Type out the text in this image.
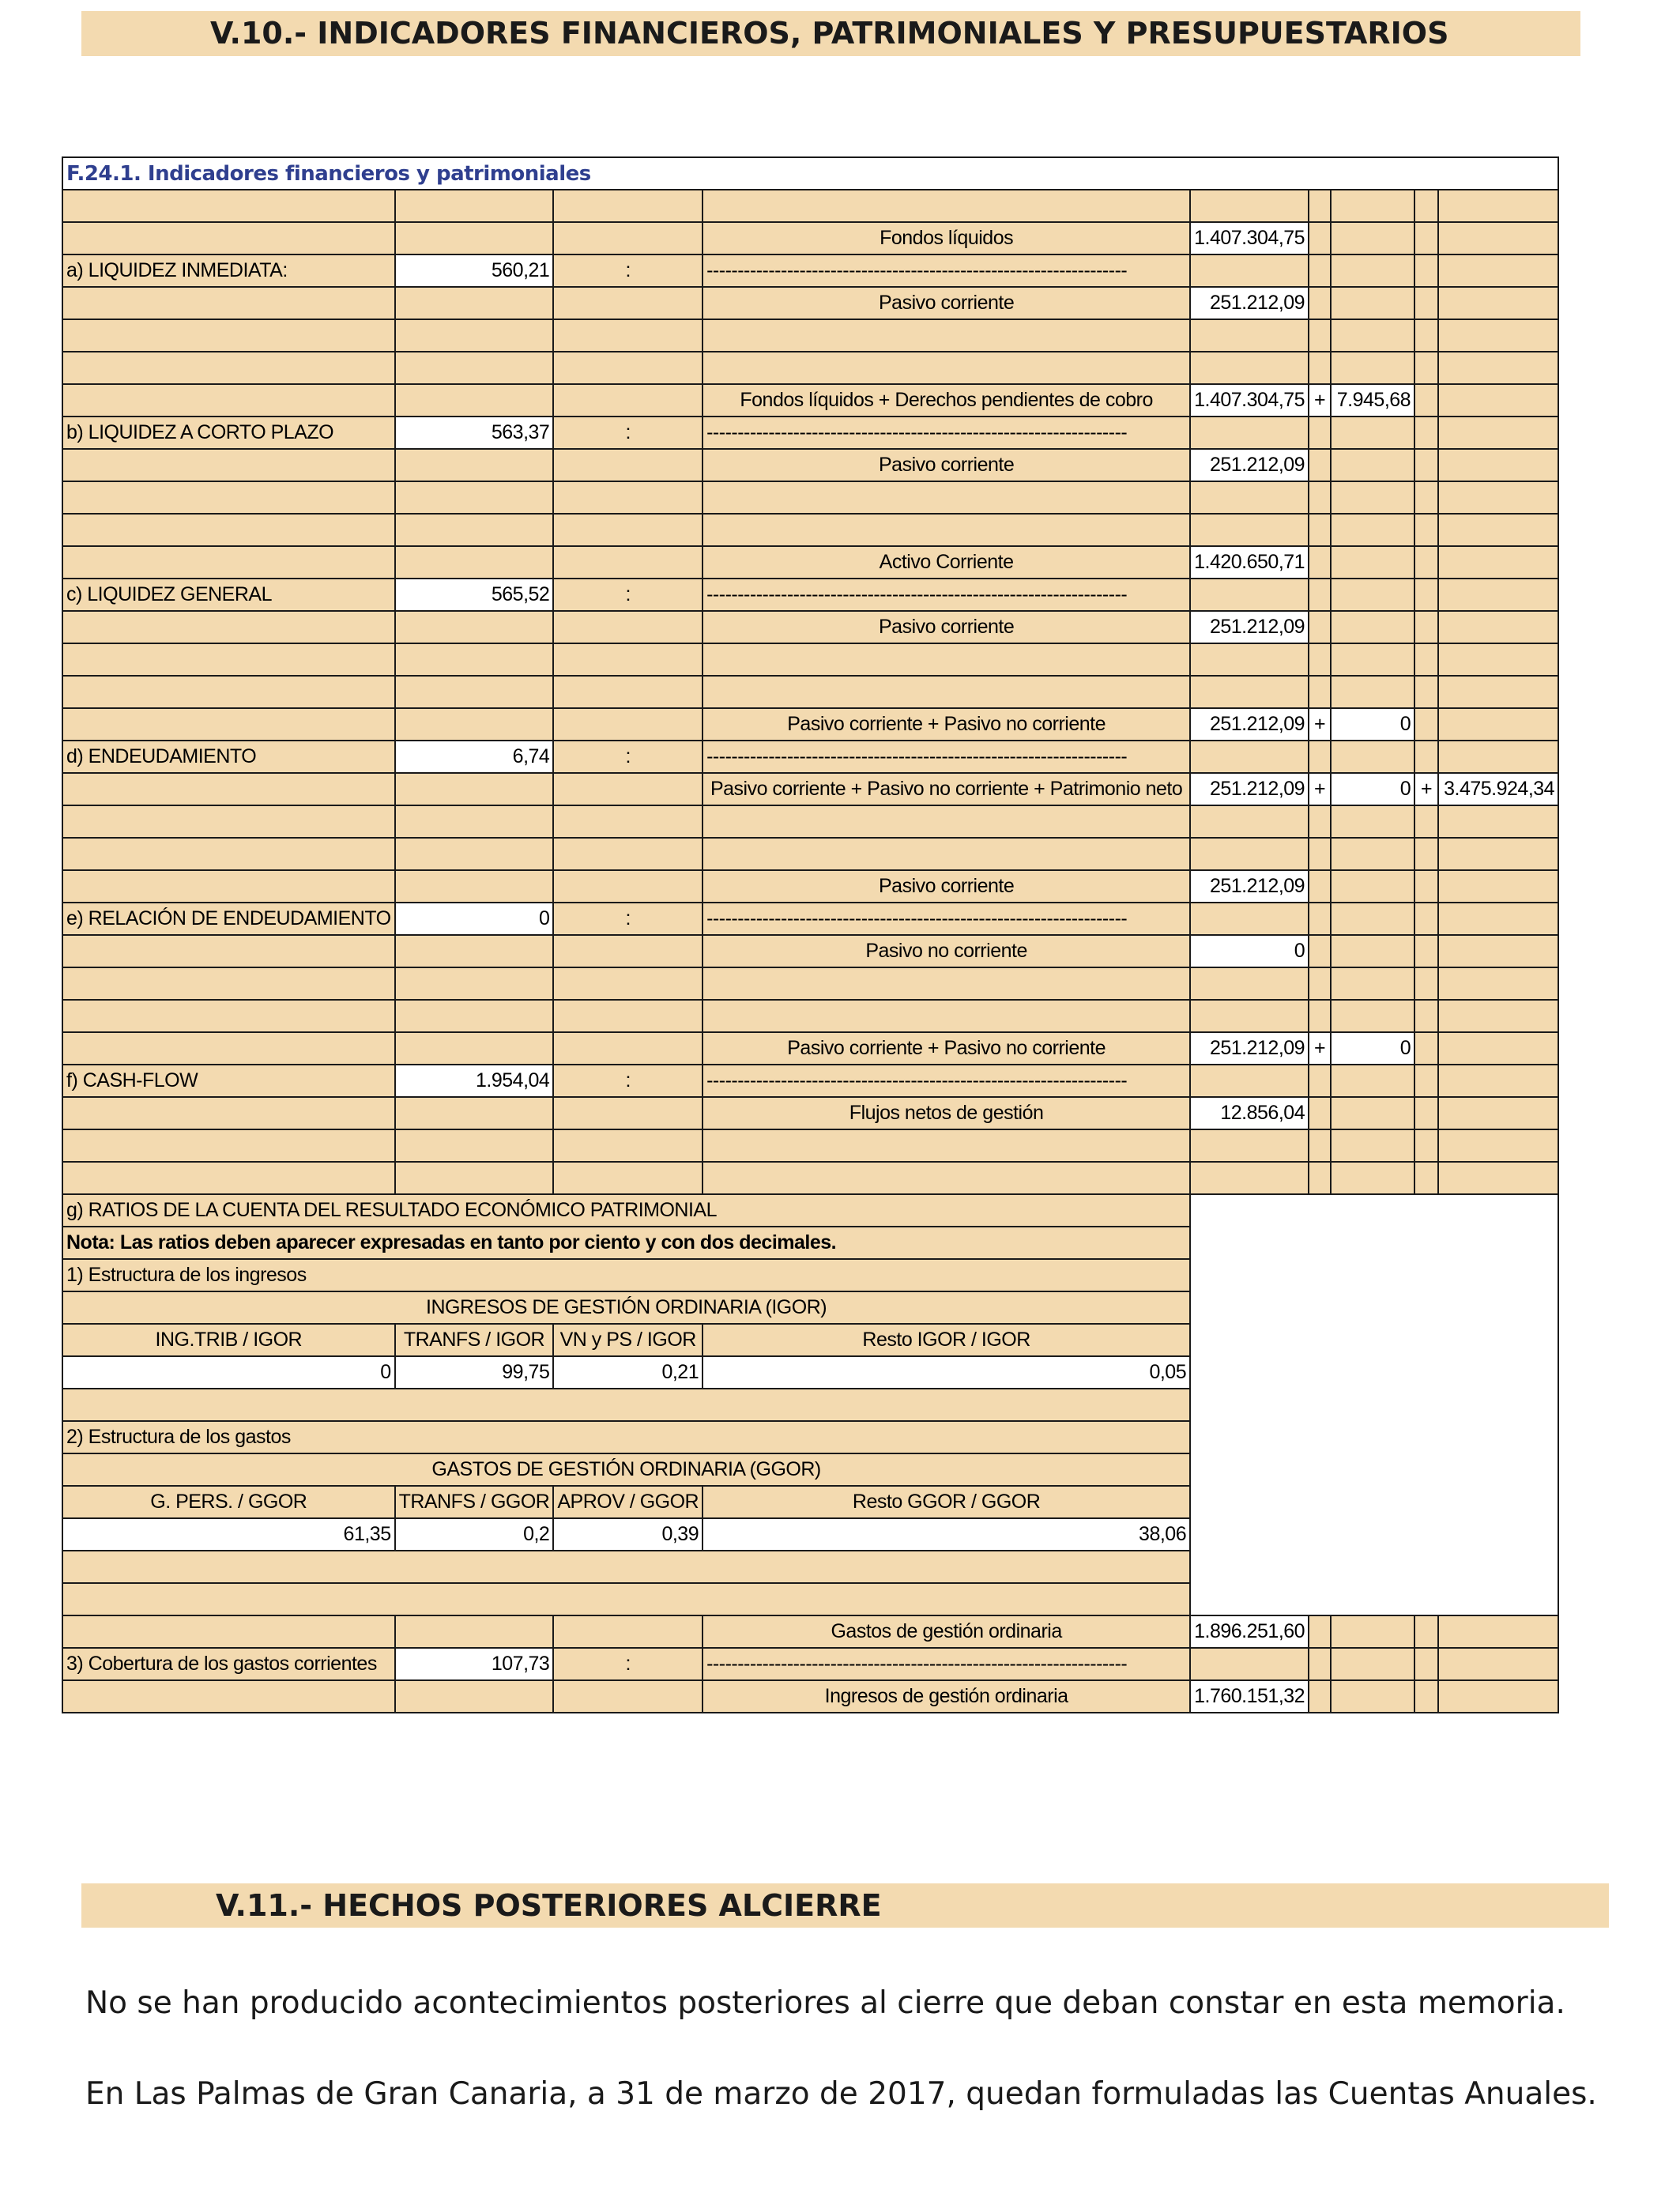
V.10.- INDICADORES FINANCIEROS, PATRIMONIALES Y PRESUPUESTARIOS
F.24.1. Indicadores financieros y patrimoniales								

			Fondos líquidos	1.407.304,75				
a) LIQUIDEZ INMEDIATA:	560,21	:	--------------------------------------------------------------------					
			Pasivo corriente	251.212,09				

			Fondos líquidos + Derechos pendientes de cobro	1.407.304,75	+	7.945,68		
b) LIQUIDEZ A CORTO PLAZO	563,37	:	--------------------------------------------------------------------					
			Pasivo corriente	251.212,09				

			Activo Corriente	1.420.650,71				
c) LIQUIDEZ GENERAL	565,52	:	--------------------------------------------------------------------					
			Pasivo corriente	251.212,09				

			Pasivo corriente + Pasivo no corriente	251.212,09	+	0		
d) ENDEUDAMIENTO	6,74	:	--------------------------------------------------------------------					
			Pasivo corriente + Pasivo no corriente + Patrimonio neto	251.212,09	+	0	+	3.475.924,34

			Pasivo corriente	251.212,09				
e) RELACIÓN DE ENDEUDAMIENTO	0	:	--------------------------------------------------------------------					
			Pasivo no corriente	0				

			Pasivo corriente + Pasivo no corriente	251.212,09	+	0		
f) CASH-FLOW	1.954,04	:	--------------------------------------------------------------------					
			Flujos netos de gestión	12.856,04				

g) RATIOS DE LA CUENTA DEL RESULTADO ECONÓMICO PATRIMONIAL								
Nota: Las ratios deben aparecer expresadas en tanto por ciento y con dos decimales.								
1) Estructura de los ingresos								
INGRESOS DE GESTIÓN ORDINARIA (IGOR)								
ING.TRIB / IGOR	TRANFS / IGOR	VN y PS / IGOR	Resto IGOR / IGOR					
0	99,75	0,21	0,05					

2) Estructura de los gastos								
GASTOS DE GESTIÓN ORDINARIA (GGOR)								
G. PERS. / GGOR	TRANFS / GGOR	APROV / GGOR	Resto GGOR / GGOR					
61,35	0,2	0,39	38,06					

			Gastos de gestión ordinaria	1.896.251,60				
3) Cobertura de los gastos corrientes	107,73	:	--------------------------------------------------------------------					
			Ingresos de gestión ordinaria	1.760.151,32				
V.11.- HECHOS POSTERIORES ALCIERRE
No se han producido acontecimientos posteriores al cierre que deban constar en esta memoria.
En Las Palmas de Gran Canaria, a 31 de marzo de 2017, quedan formuladas las Cuentas Anuales.
